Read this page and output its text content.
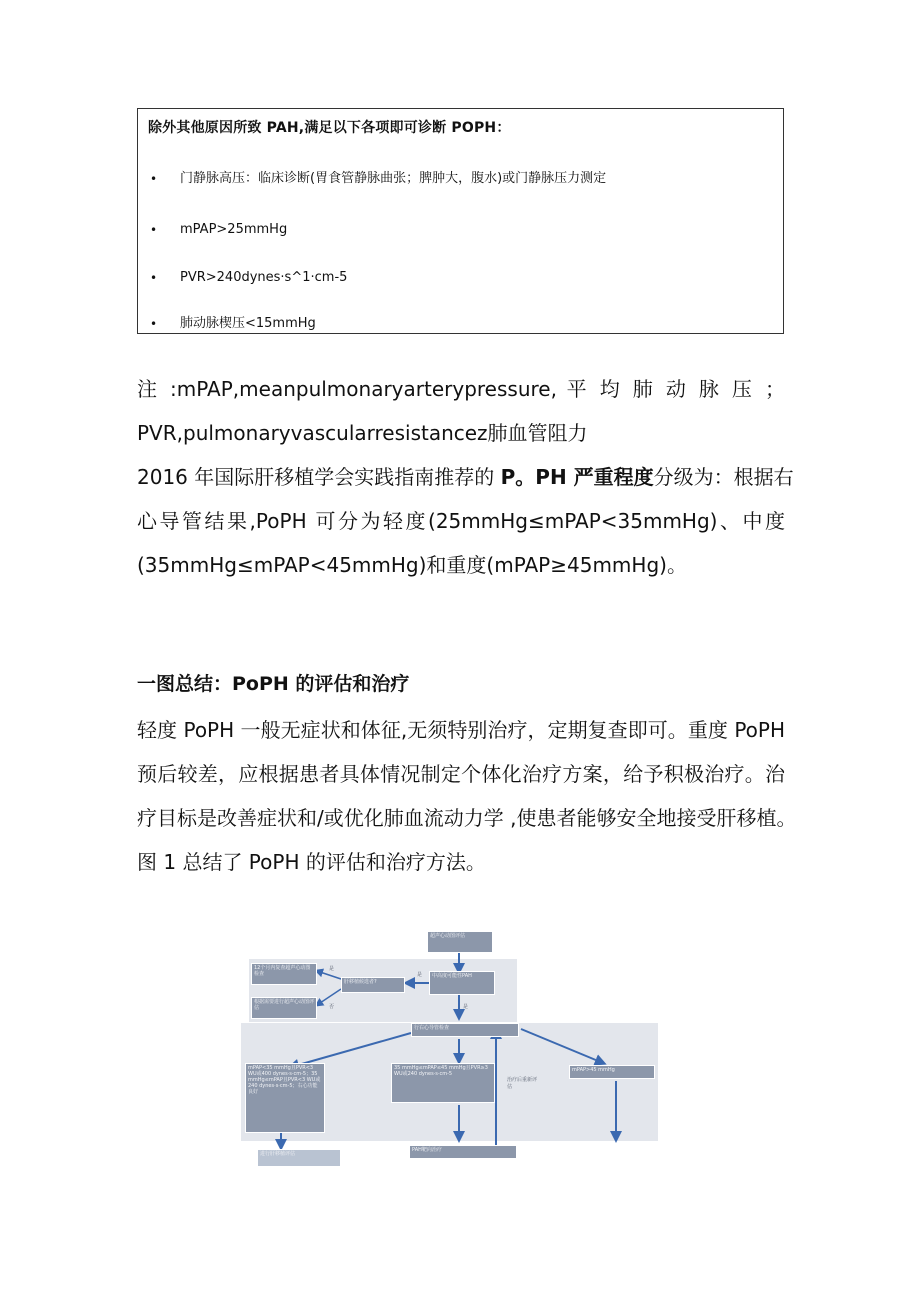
除外其他原因所致 PAH,满足以下各项即可诊断 POPH：
• 门静脉高压：临床诊断(胃食管静脉曲张；脾肿大，腹水)或门静脉压力测定
• mPAP>25mmHg
• PVR>240dynes·s^1·cm-5
• 肺动脉楔压<15mmHg
注 :mPAP,meanpulmonaryarterypressure, 平 均 肺 动 脉 压 ；
PVR,pulmonaryvascularresistancez肺血管阻力
2016 年国际肝移植学会实践指南推荐的 P。PH 严重程度分级为：根据右
心导管结果,PoPH 可分为轻度(25mmHg≤mPAP<35mmHg)、中度
(35mmHg≤mPAP<45mmHg)和重度(mPAP≥45mmHg)。
一图总结：PoPH 的评估和治疗
轻度 PoPH 一般无症状和体征,无须特别治疗，定期复查即可。重度 PoPH
预后较差，应根据患者具体情况制定个体化治疗方案，给予积极治疗。治
疗目标是改善症状和/或优化肺血流动力学 ,使患者能够安全地接受肝移植。
图 1 总结了 PoPH 的评估和治疗方法。
超声心动图评估
中高度可能性PAH
肝移植候选者?
12个月内复查超声心动图检查
根据需要进行超声心动图评估
行右心导管检查
mPAP<35 mmHg且PVR<3 WU或400 dynes·s·cm-5；35 mmHg≤mPAP且PVR<3 WU或240 dynes·s·cm-5；右心功能良好
35 mmHg≤mPAP≤45 mmHg且PVR≥3 WU或240 dynes·s·cm-5
mPAP>45 mmHg
进行肝移植评估
PAH靶向治疗
是
是
否	是
治疗后重新评估
